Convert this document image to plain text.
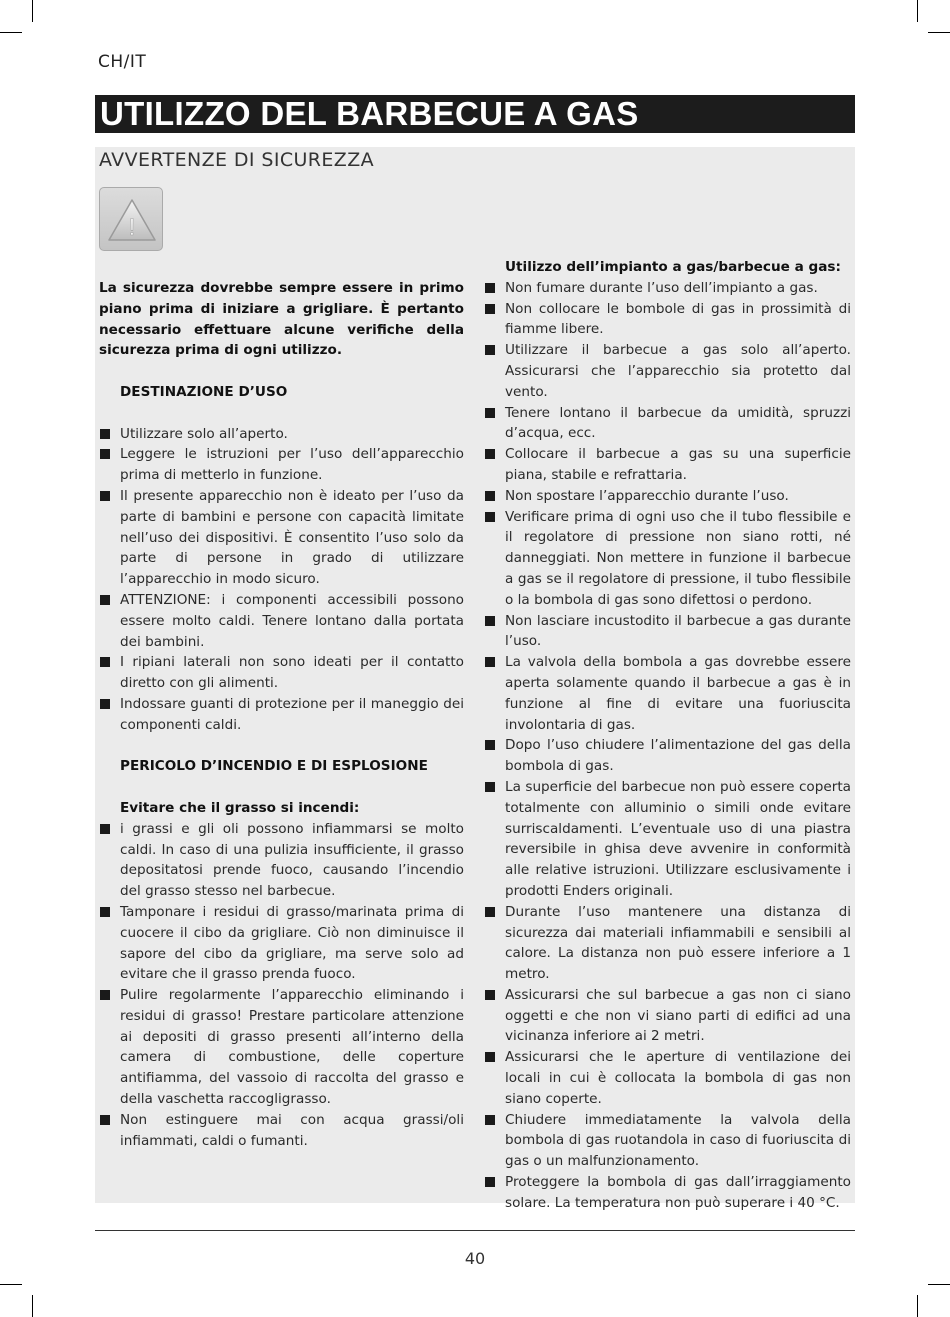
CH/IT
UTILIZZO DEL BARBECUE A GAS
AVVERTENZE DI SICUREZZA
!

La sicurezza dovrebbe sempre essere in primo piano prima di iniziare a grigliare. È pertanto necessario effettuare alcune verifiche della sicurezza prima di ogni utilizzo.

DESTINAZIONE D’USO

Utilizzare solo all’aperto.
Leggere le istruzioni per l’uso dell’apparecchio prima di metterlo in funzione.
Il presente apparecchio non è ideato per l’uso da parte di bambini e persone con capacità limitate nell’uso dei dispositivi. È consentito l’uso solo da parte di persone in grado di utilizzare l’apparecchio in modo sicuro.
ATTENZIONE: i componenti accessibili possono essere molto caldi. Tenere lontano dalla portata dei bambini.
I ripiani laterali non sono ideati per il contatto diretto con gli alimenti.
Indossare guanti di protezione per il maneggio dei componenti caldi.

PERICOLO D’INCENDIO E DI ESPLOSIONE

Evitare che il grasso si incendi:

i grassi e gli oli possono infiammarsi se molto caldi. In caso di una pulizia insufficiente, il grasso depositatosi prende fuoco, causando l’incendio del grasso stesso nel barbecue.
Tamponare i residui di grasso/marinata prima di cuocere il cibo da grigliare. Ciò non diminuisce il sapore del cibo da grigliare, ma serve solo ad evitare che il grasso prenda fuoco.
Pulire regolarmente l’apparecchio eliminando i residui di grasso! Prestare particolare attenzione ai depositi di grasso presenti all’interno della camera di combustione, delle coperture antifiamma, del vassoio di raccolta del grasso e della vaschetta raccogligrasso.
Non estinguere mai con acqua grassi/oli infiammati, caldi o fumanti.

Utilizzo dell’impianto a gas/barbecue a gas:

Non fumare durante l’uso dell’impianto a gas.
Non collocare le bombole di gas in prossimità di fiamme libere.
Utilizzare il barbecue a gas solo all’aperto. Assicurarsi che l’apparecchio sia protetto dal vento.
Tenere lontano il barbecue da umidità, spruzzi d’acqua, ecc.
Collocare il barbecue a gas su una superficie piana, stabile e refrattaria.
Non spostare l’apparecchio durante l’uso.
Verificare prima di ogni uso che il tubo flessibile e il regolatore di pressione non siano rotti, né danneggiati. Non mettere in funzione il barbecue a gas se il regolatore di pressione, il tubo flessibile o la bombola di gas sono difettosi o perdono.
Non lasciare incustodito il barbecue a gas durante l’uso.
La valvola della bombola a gas dovrebbe essere aperta solamente quando il barbecue a gas è in funzione al fine di evitare una fuoriuscita involontaria di gas.
Dopo l’uso chiudere l’alimentazione del gas della bombola di gas.
La superficie del barbecue non può essere coperta totalmente con alluminio o simili onde evitare surriscaldamenti. L’eventuale uso di una piastra reversibile in ghisa deve avvenire in conformità alle relative istruzioni. Utilizzare esclusivamente i prodotti Enders originali.
Durante l’uso mantenere una distanza di sicurezza dai materiali infiammabili e sensibili al calore. La distanza non può essere inferiore a 1 metro.
Assicurarsi che sul barbecue a gas non ci siano oggetti e che non vi siano parti di edifici ad una vicinanza inferiore ai 2 metri.
Assicurarsi che le aperture di ventilazione dei locali in cui è collocata la bombola di gas non siano coperte.
Chiudere immediatamente la valvola della bombola di gas ruotandola in caso di fuoriuscita di gas o un malfunzionamento.
Proteggere la bombola di gas dall’irraggiamento solare. La temperatura non può superare i 40 °C.
40
